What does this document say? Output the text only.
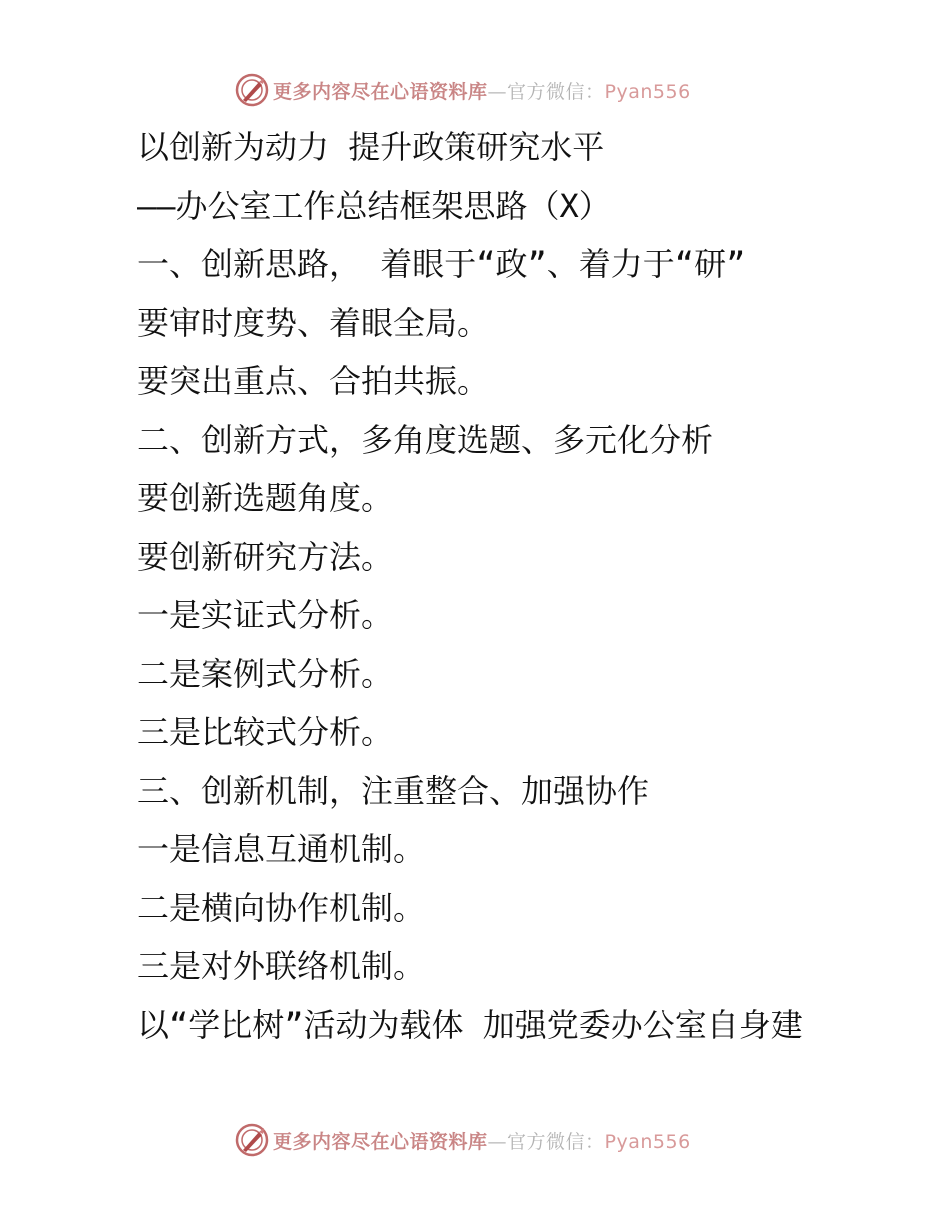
更多内容尽在心语资料库—官方微信：Pyan556
以创新为动力 提升政策研究水平
——办公室工作总结框架思路（X）
一、创新思路， 着眼于“政”、着力于“研”
要审时度势、着眼全局。
要突出重点、合拍共振。
二、创新方式，多角度选题、多元化分析
要创新选题角度。
要创新研究方法。
一是实证式分析。
二是案例式分析。
三是比较式分析。
三、创新机制，注重整合、加强协作
一是信息互通机制。
二是横向协作机制。
三是对外联络机制。
以“学比树”活动为载体 加强党委办公室自身建
更多内容尽在心语资料库—官方微信：Pyan556
